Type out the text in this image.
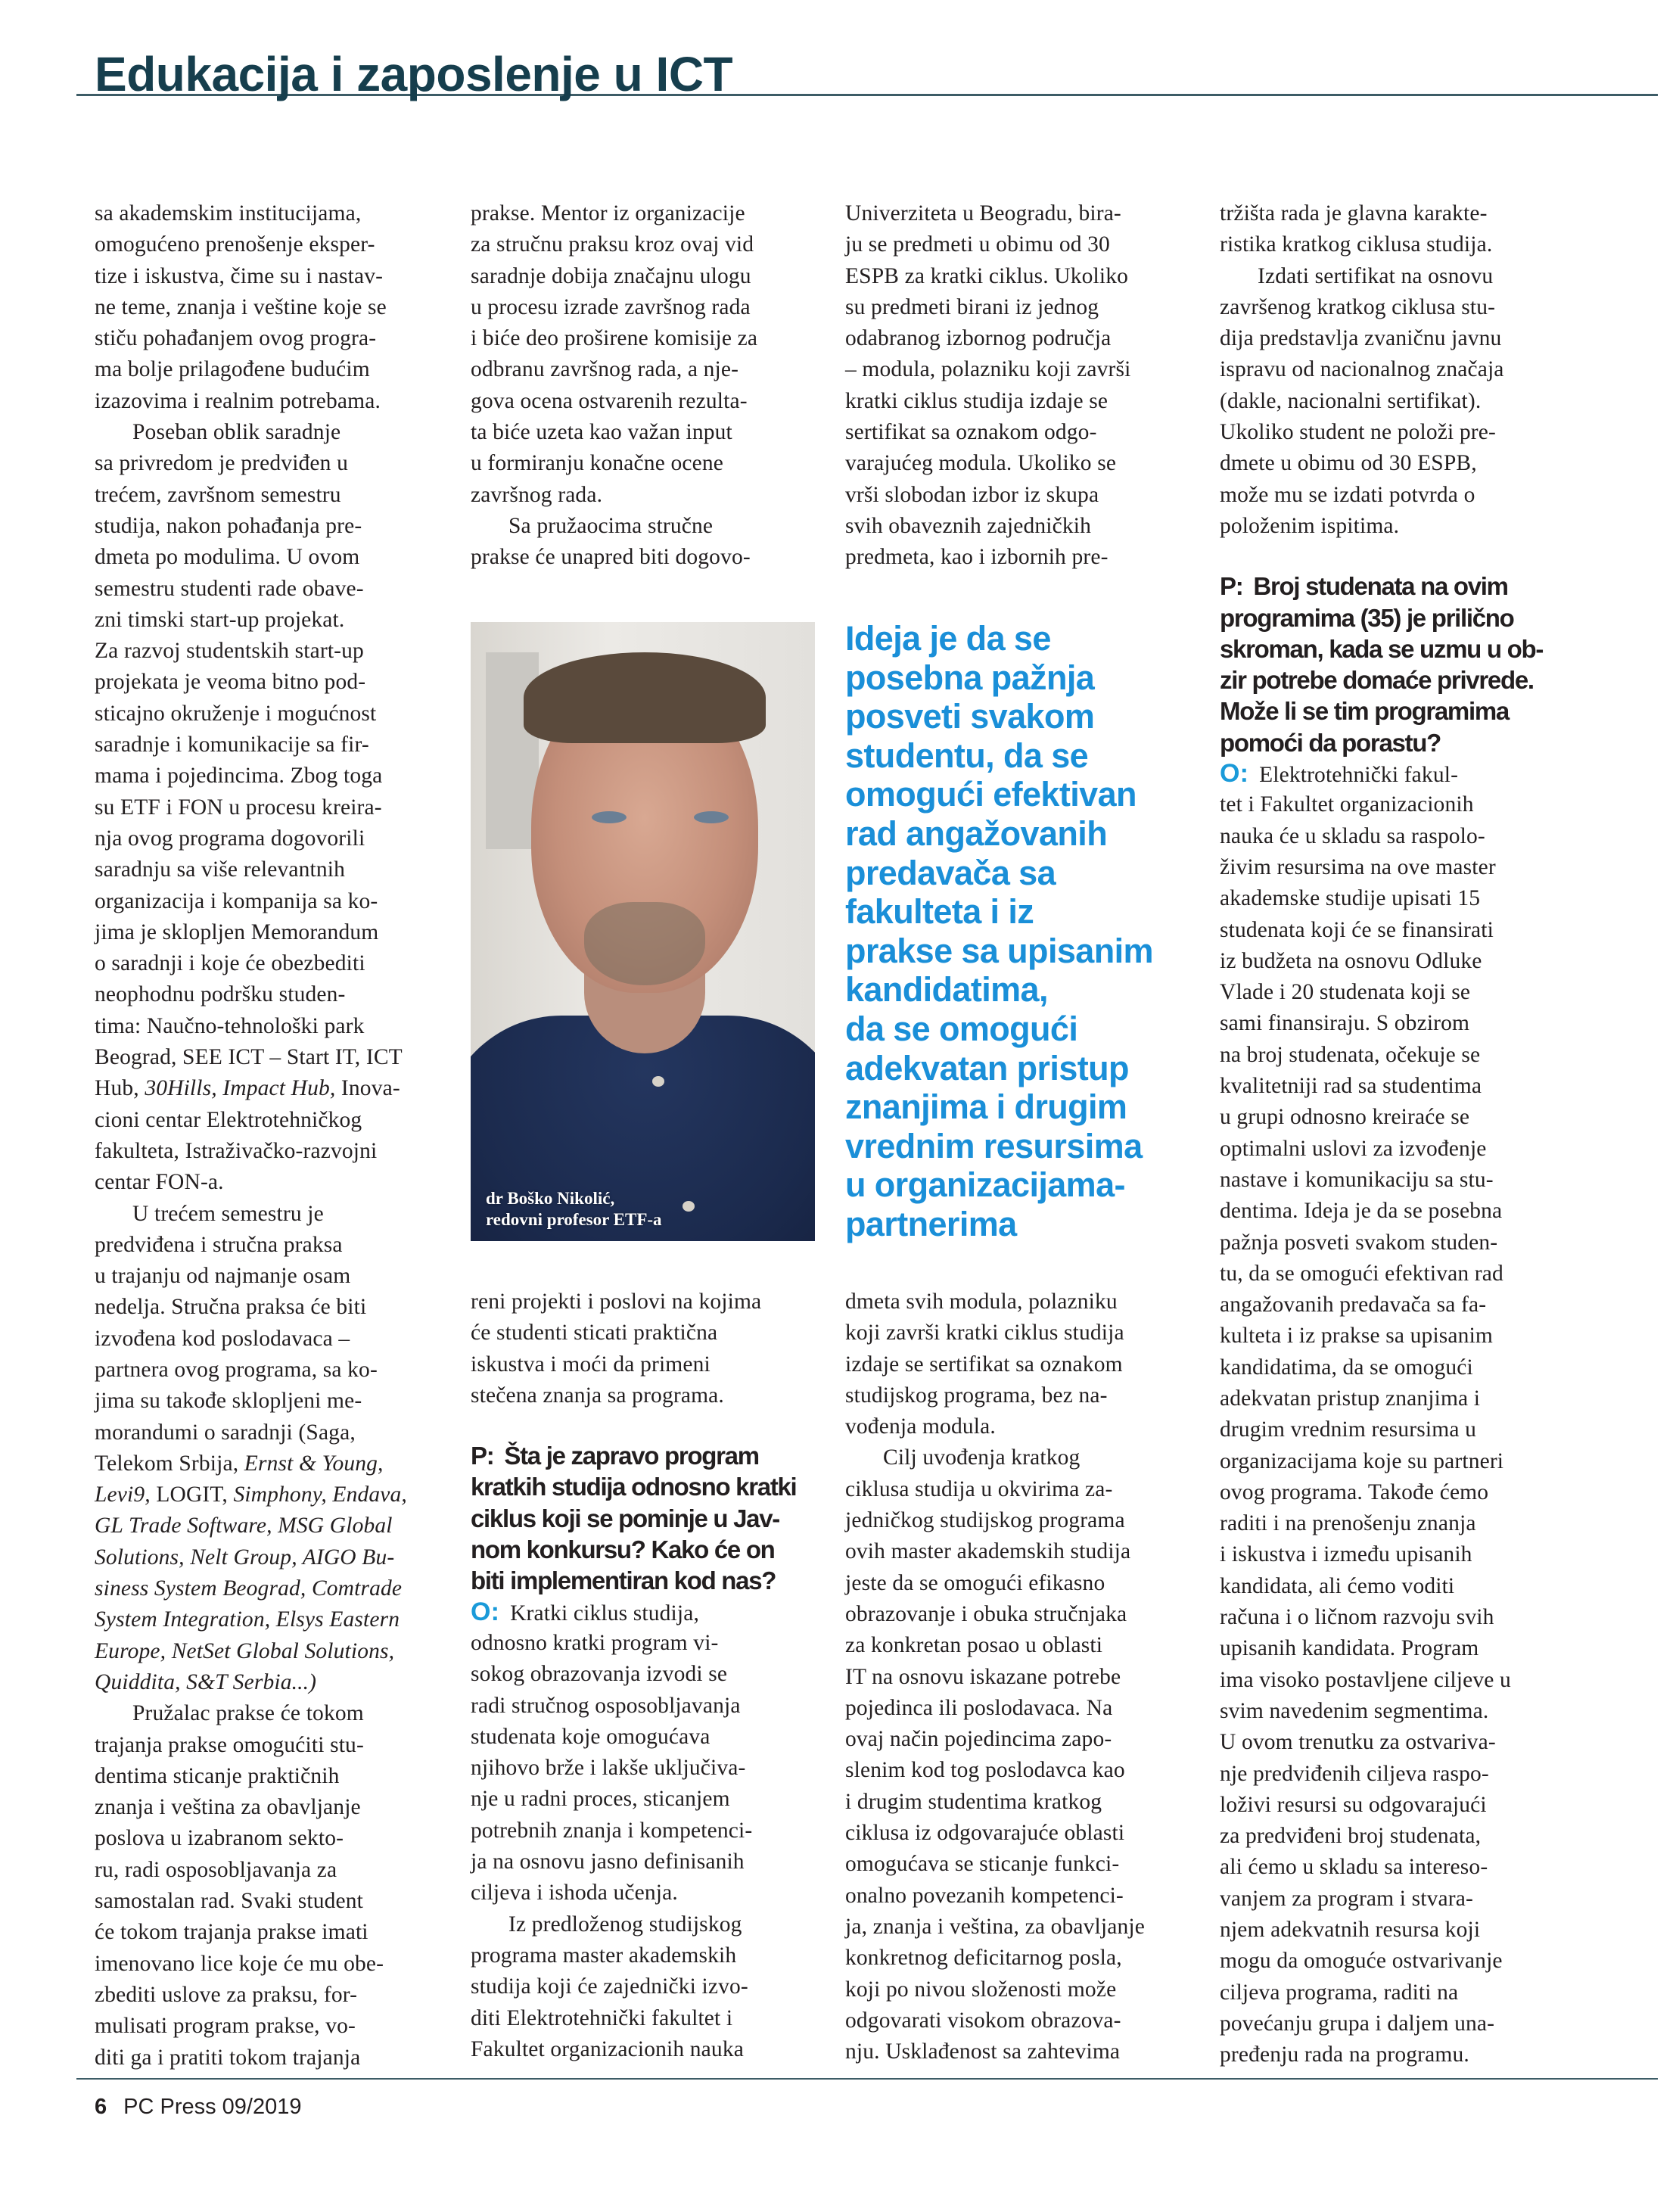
Edukacija i zaposlenje u ICT
sa akademskim institucijama,
omogućeno prenošenje eksper-
tize i iskustva, čime su i nastav-
ne teme, znanja i veštine koje se
stiču pohađanjem ovog progra-
ma bolje prilagođene budućim
izazovima i realnim potrebama.
Poseban oblik saradnje
sa privredom je predviđen u
trećem, završnom semestru
studija, nakon pohađanja pre-
dmeta po modulima. U ovom
semestru studenti rade obave-
zni timski start-up projekat.
Za razvoj studentskih start-up
projekata je veoma bitno pod-
sticajno okruženje i mogućnost
saradnje i komunikacije sa fir-
mama i pojedincima. Zbog toga
su ETF i FON u procesu kreira-
nja ovog programa dogovorili
saradnju sa više relevantnih
organizacija i kompanija sa ko-
jima je sklopljen Memorandum
o saradnji i koje će obezbediti
neophodnu podršku studen-
tima: Naučno-tehnološki park
Beograd, SEE ICT – Start IT, ICT
Hub, 30Hills, Impact Hub, Inova-
cioni centar Elektrotehničkog
fakulteta, Istraživačko-razvojni
centar FON-a.
U trećem semestru je
predviđena i stručna praksa
u trajanju od najmanje osam
nedelja. Stručna praksa će biti
izvođena kod poslodavaca –
partnera ovog programa, sa ko-
jima su takođe sklopljeni me-
morandumi o saradnji (Saga,
Telekom Srbija, Ernst & Young,
Levi9, LOGIT, Simphony, Endava,
GL Trade Software, MSG Global
Solutions, Nelt Group, AIGO Bu-
siness System Beograd, Comtrade
System Integration, Elsys Eastern
Europe, NetSet Global Solutions,
Quiddita, S&T Serbia...)
Pružalac prakse će tokom
trajanja prakse omogućiti stu-
dentima sticanje praktičnih
znanja i veština za obavljanje
poslova u izabranom sekto-
ru, radi osposobljavanja za
samostalan rad. Svaki student
će tokom trajanja prakse imati
imenovano lice koje će mu obe-
zbediti uslove za praksu, for-
mulisati program prakse, vo-
diti ga i pratiti tokom trajanja
prakse. Mentor iz organizacije
za stručnu praksu kroz ovaj vid
saradnje dobija značajnu ulogu
u procesu izrade završnog rada
i biće deo proširene komisije za
odbranu završnog rada, a nje-
gova ocena ostvarenih rezulta-
ta biće uzeta kao važan input
u formiranju konačne ocene
završnog rada.
Sa pružaocima stručne
prakse će unapred biti dogovo-
dr Boško Nikolić,
redovni profesor ETF-a
reni projekti i poslovi na kojima
će studenti sticati praktična
iskustva i moći da primeni
stečena znanja sa programa.
P: Šta je zapravo program
kratkih studija odnosno kratki
ciklus koji se pominje u Jav-
nom konkursu? Kako će on
biti implementiran kod nas?
O: Kratki ciklus studija,
odnosno kratki program vi-
sokog obrazovanja izvodi se
radi stručnog osposobljavanja
studenata koje omogućava
njihovo brže i lakše uključiva-
nje u radni proces, sticanjem
potrebnih znanja i kompetenci-
ja na osnovu jasno definisanih
ciljeva i ishoda učenja.
Iz predloženog studijskog
programa master akademskih
studija koji će zajednički izvo-
diti Elektrotehnički fakultet i
Fakultet organizacionih nauka
Univerziteta u Beogradu, bira-
ju se predmeti u obimu od 30
ESPB za kratki ciklus. Ukoliko
su predmeti birani iz jednog
odabranog izbornog područja
– modula, polazniku koji završi
kratki ciklus studija izdaje se
sertifikat sa oznakom odgo-
varajućeg modula. Ukoliko se
vrši slobodan izbor iz skupa
svih obaveznih zajedničkih
predmeta, kao i izbornih pre-
Ideja je da se
posebna pažnja
posveti svakom
studentu, da se
omogući efektivan
rad angažovanih
predavača sa
fakulteta i iz
prakse sa upisanim
kandidatima,
da se omogući
adekvatan pristup
znanjima i drugim
vrednim resursima
u organizacijama-
partnerima
dmeta svih modula, polazniku
koji završi kratki ciklus studija
izdaje se sertifikat sa oznakom
studijskog programa, bez na-
vođenja modula.
Cilj uvođenja kratkog
ciklusa studija u okvirima za-
jedničkog studijskog programa
ovih master akademskih studija
jeste da se omogući efikasno
obrazovanje i obuka stručnjaka
za konkretan posao u oblasti
IT na osnovu iskazane potrebe
pojedinca ili poslodavaca. Na
ovaj način pojedincima zapo-
slenim kod tog poslodavca kao
i drugim studentima kratkog
ciklusa iz odgovarajuće oblasti
omogućava se sticanje funkci-
onalno povezanih kompetenci-
ja, znanja i veština, za obavljanje
konkretnog deficitarnog posla,
koji po nivou složenosti može
odgovarati visokom obrazova-
nju. Usklađenost sa zahtevima
tržišta rada je glavna karakte-
ristika kratkog ciklusa studija.
Izdati sertifikat na osnovu
završenog kratkog ciklusa stu-
dija predstavlja zvaničnu javnu
ispravu od nacionalnog značaja
(dakle, nacionalni sertifikat).
Ukoliko student ne položi pre-
dmete u obimu od 30 ESPB,
može mu se izdati potvrda o
položenim ispitima.
P: Broj studenata na ovim
programima (35) je prilično
skroman, kada se uzmu u ob-
zir potrebe domaće privrede.
Može li se tim programima
pomoći da porastu?
O: Elektrotehnički fakul-
tet i Fakultet organizacionih
nauka će u skladu sa raspolo-
živim resursima na ove master
akademske studije upisati 15
studenata koji će se finansirati
iz budžeta na osnovu Odluke
Vlade i 20 studenata koji se
sami finansiraju. S obzirom
na broj studenata, očekuje se
kvalitetniji rad sa studentima
u grupi odnosno kreiraće se
optimalni uslovi za izvođenje
nastave i komunikaciju sa stu-
dentima. Ideja je da se posebna
pažnja posveti svakom studen-
tu, da se omogući efektivan rad
angažovanih predavača sa fa-
kulteta i iz prakse sa upisanim
kandidatima, da se omogući
adekvatan pristup znanjima i
drugim vrednim resursima u
organizacijama koje su partneri
ovog programa. Takođe ćemo
raditi i na prenošenju znanja
i iskustva i između upisanih
kandidata, ali ćemo voditi
računa i o ličnom razvoju svih
upisanih kandidata. Program
ima visoko postavljene ciljeve u
svim navedenim segmentima.
U ovom trenutku za ostvariva-
nje predviđenih ciljeva raspo-
loživi resursi su odgovarajući
za predviđeni broj studenata,
ali ćemo u skladu sa intereso-
vanjem za program i stvara-
njem adekvatnih resursa koji
mogu da omoguće ostvarivanje
ciljeva programa, raditi na
povećanju grupa i daljem una-
pređenju rada na programu.
6 PC Press 09/2019
